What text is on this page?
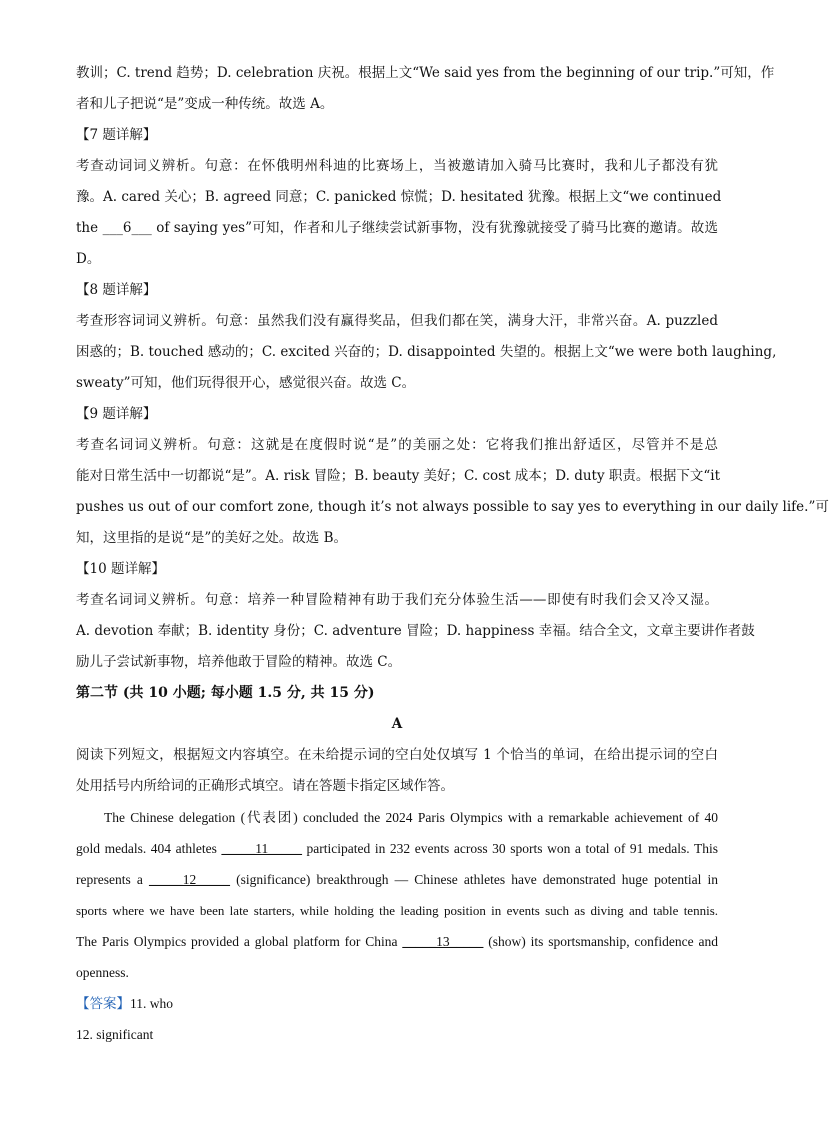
教训；C. trend 趋势；D. celebration 庆祝。根据上文“We said yes from the beginning of our trip.”可知，作
者和儿子把说“是”变成一种传统。故选 A。
【7 题详解】
考查动词词义辨析。句意：在怀俄明州科迪的比赛场上，当被邀请加入骑马比赛时，我和儿子都没有犹
豫。A. cared 关心；B. agreed 同意；C. panicked 惊慌；D. hesitated 犹豫。根据上文“we continued
the ___6___ of saying yes”可知，作者和儿子继续尝试新事物，没有犹豫就接受了骑马比赛的邀请。故选
D。
【8 题详解】
考查形容词词义辨析。句意：虽然我们没有赢得奖品，但我们都在笑，满身大汗，非常兴奋。A. puzzled
困惑的；B. touched 感动的；C. excited 兴奋的；D. disappointed 失望的。根据上文“we were both laughing,
sweaty”可知，他们玩得很开心，感觉很兴奋。故选 C。
【9 题详解】
考查名词词义辨析。句意：这就是在度假时说“是”的美丽之处：它将我们推出舒适区，尽管并不是总
能对日常生活中一切都说“是”。A. risk 冒险；B. beauty 美好；C. cost 成本；D. duty 职责。根据下文“it
pushes us out of our comfort zone, though it’s not always possible to say yes to everything in our daily life.”可
知，这里指的是说“是”的美好之处。故选 B。
【10 题详解】
考查名词词义辨析。句意：培养一种冒险精神有助于我们充分体验生活——即使有时我们会又冷又湿。
A. devotion 奉献；B. identity 身份；C. adventure 冒险；D. happiness 幸福。结合全文，文章主要讲作者鼓
励儿子尝试新事物，培养他敢于冒险的精神。故选 C。
第二节 (共 10 小题; 每小题 1.5 分, 共 15 分)
A
阅读下列短文，根据短文内容填空。在未给提示词的空白处仅填写 1 个恰当的单词，在给出提示词的空白
处用括号内所给词的正确形式填空。请在答题卡指定区域作答。
The Chinese delegation (代表团) concluded the 2024 Paris Olympics with a remarkable achievement of 40
gold medals. 404 athletes _____11_____ participated in 232 events across 30 sports won a total of 91 medals. This
represents a _____12_____ (significance) breakthrough — Chinese athletes have demonstrated huge potential in
sports where we have been late starters, while holding the leading position in events such as diving and table tennis.
The Paris Olympics provided a global platform for China _____13_____ (show) its sportsmanship, confidence and
openness.
【答案】11. who
12. significant
